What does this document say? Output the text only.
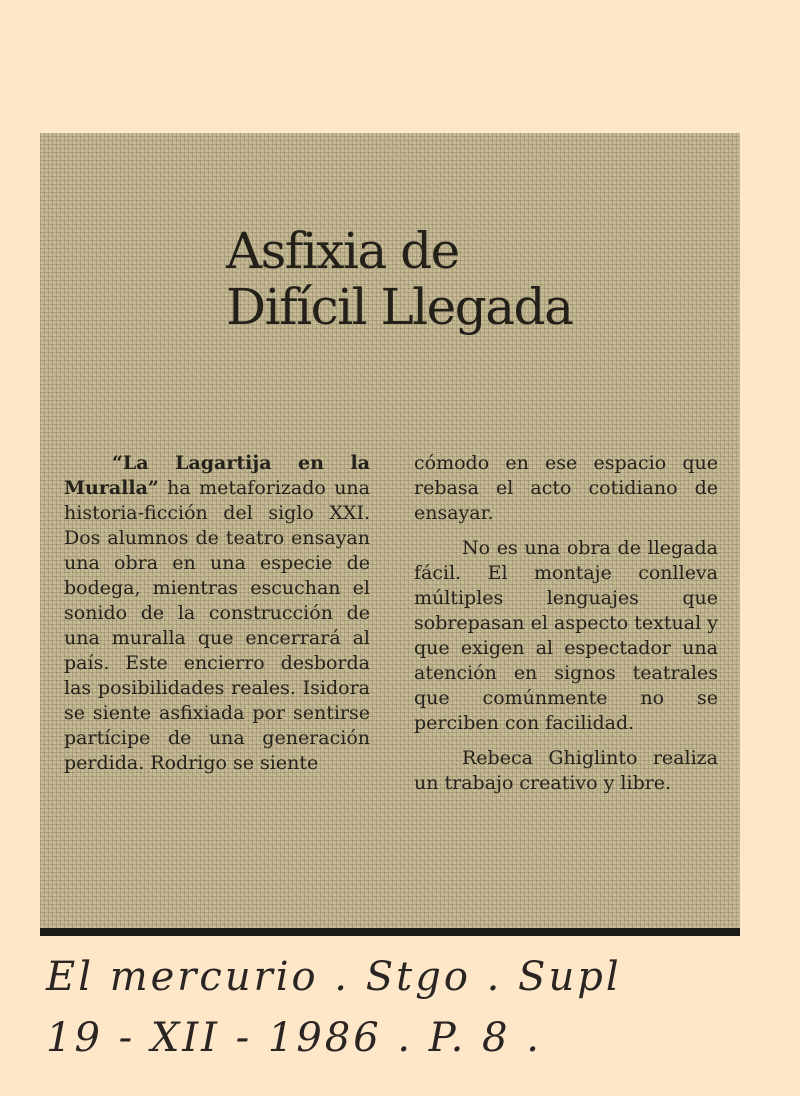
Asfixia de
Difícil Llegada

“La Lagartija en la Muralla” ha metaforizado una historia-ficción del siglo XXI. Dos alumnos de teatro ensayan una obra en una especie de bodega, mientras escuchan el sonido de la construcción de una muralla que encerrará al país. Este encierro desborda las posibilidades reales. Isidora se siente asfixiada por sentirse partícipe de una generación perdida. Rodrigo se siente

cómodo en ese espacio que rebasa el acto cotidiano de ensayar.

No es una obra de llegada fácil. El montaje conlleva múltiples lenguajes que sobrepasan el aspecto textual y que exigen al espectador una atención en signos teatrales que comúnmente no se perciben con facilidad.

Rebeca Ghiglinto realiza un trabajo creativo y libre.

El mercurio . Stgo . Supl
19 - XII - 1986 . P. 8 .
